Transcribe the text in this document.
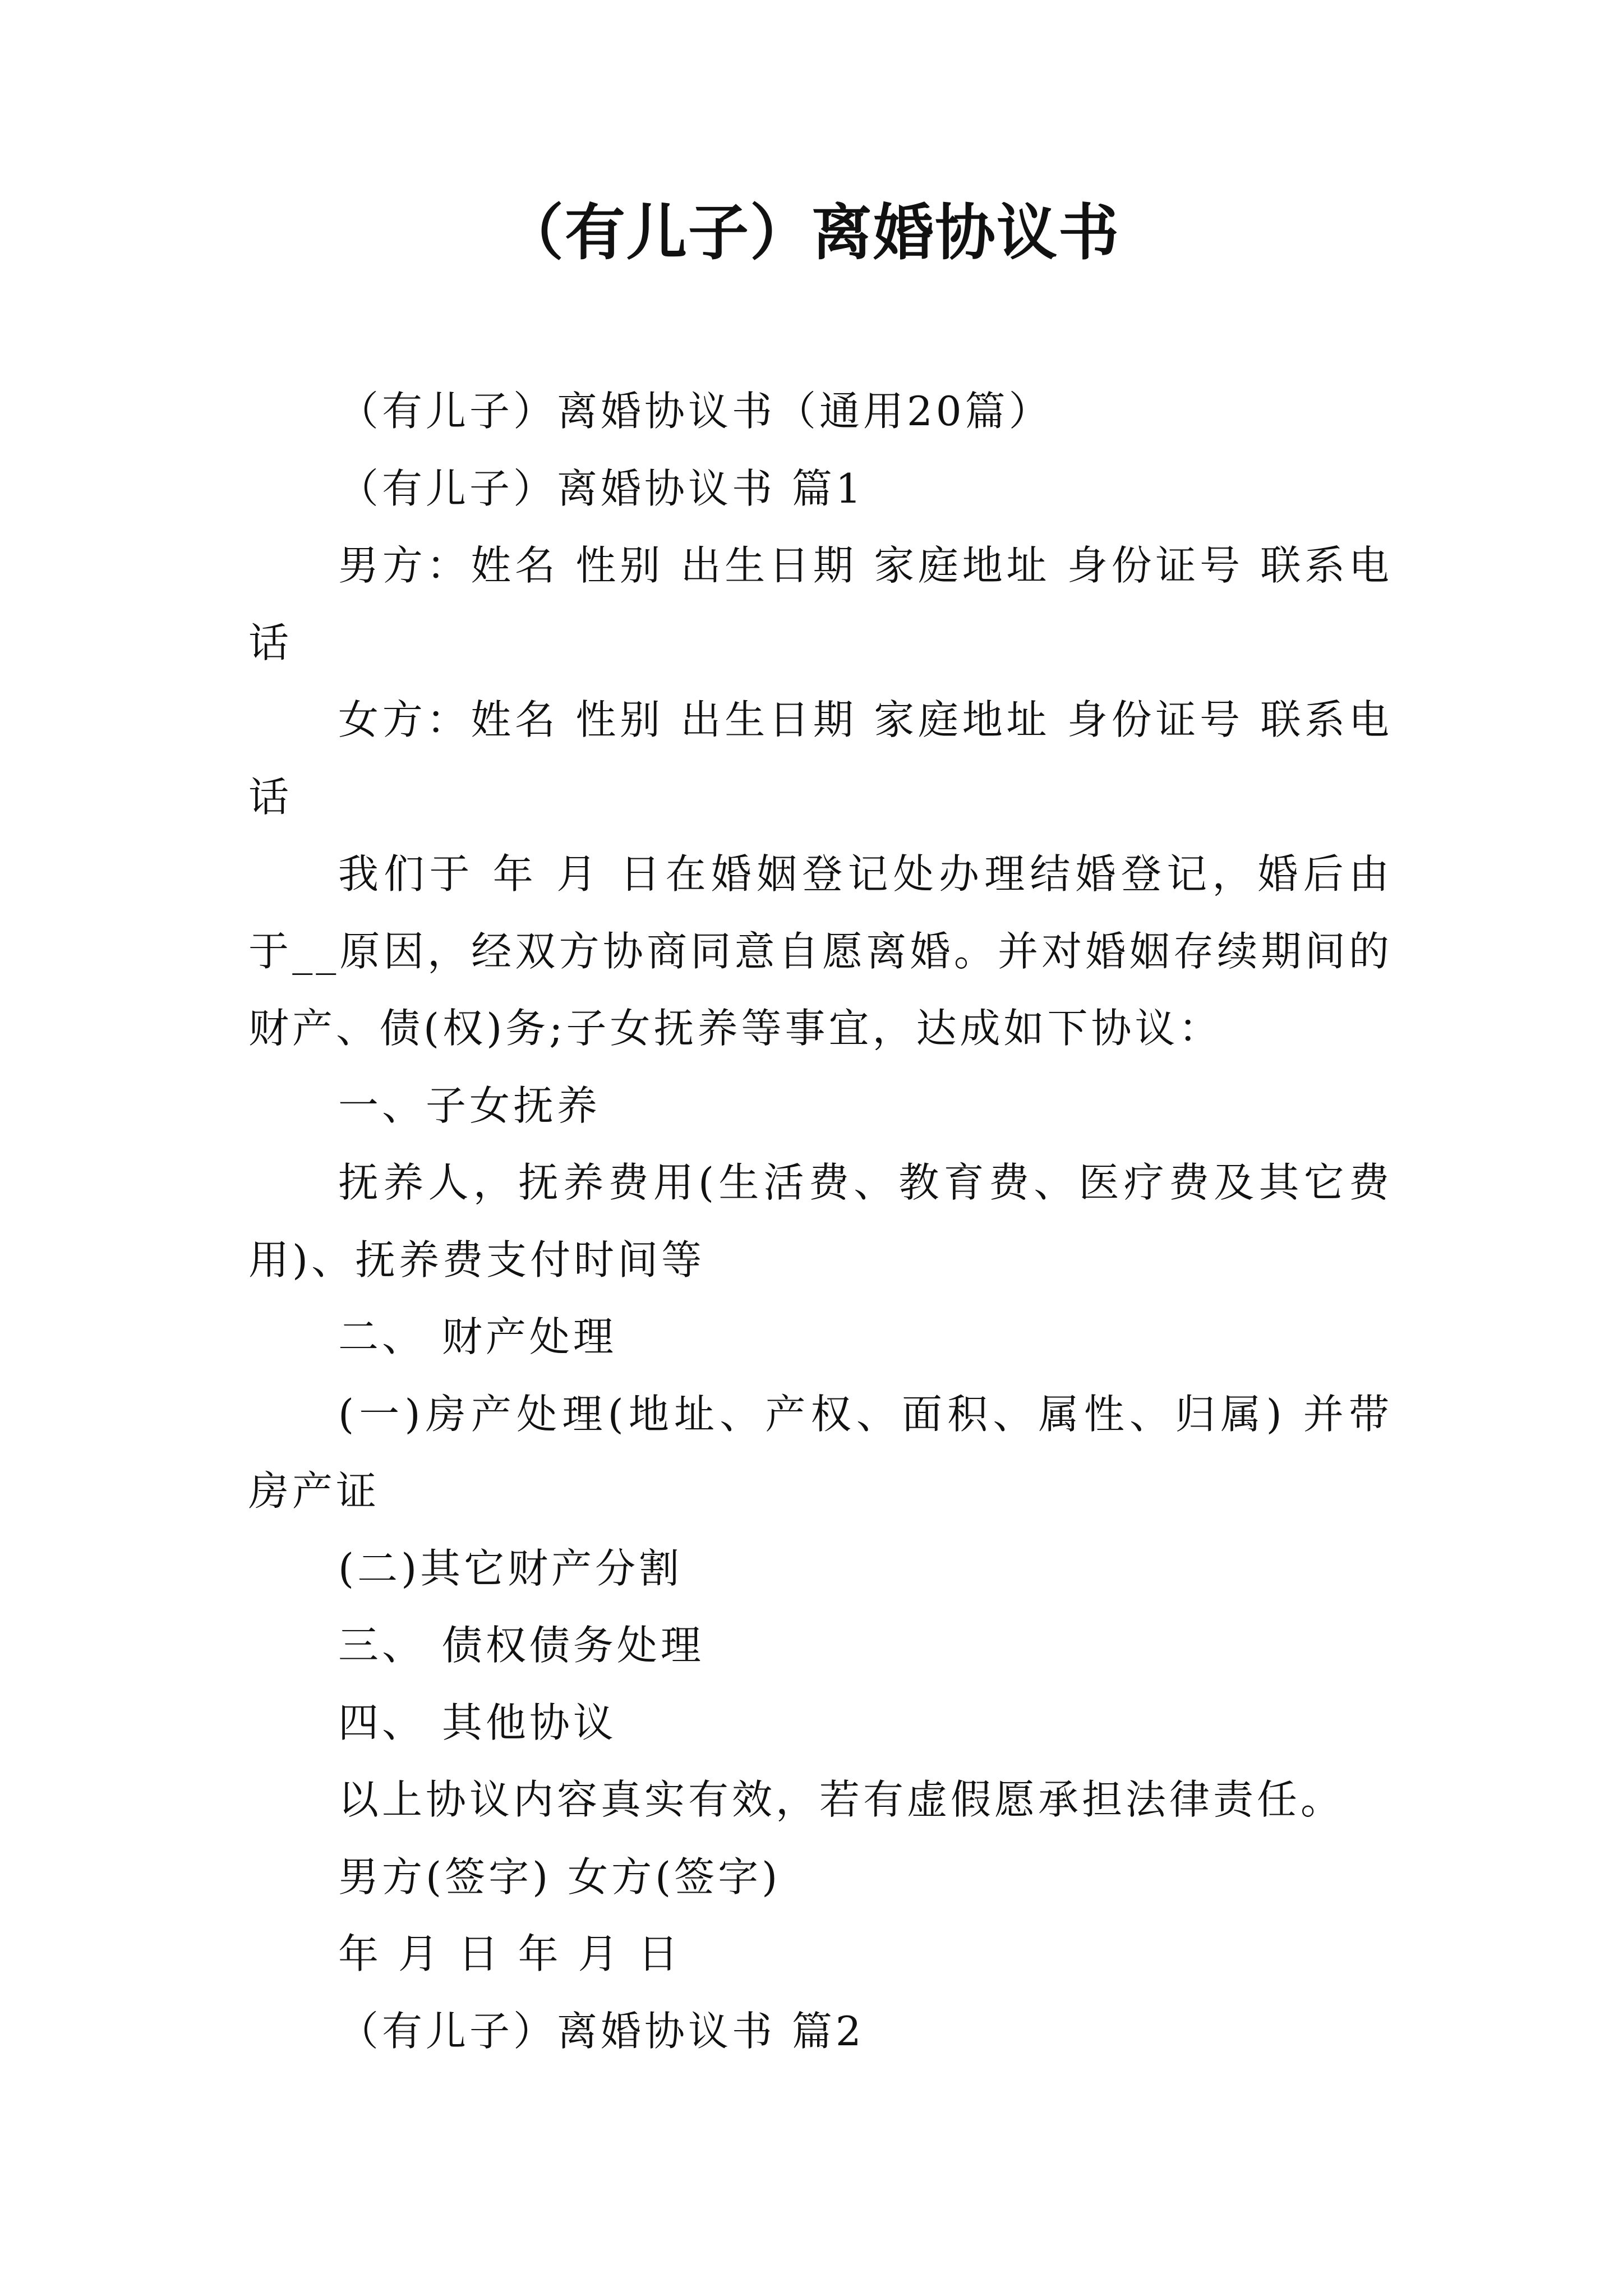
（有儿子）离婚协议书

（有儿子）离婚协议书（通用20篇）

（有儿子）离婚协议书 篇1

男方：姓名 性别 出生日期 家庭地址 身份证号 联系电话

女方：姓名 性别 出生日期 家庭地址 身份证号 联系电话

我们于 年 月 日在婚姻登记处办理结婚登记，婚后由于__原因，经双方协商同意自愿离婚。并对婚姻存续期间的财产、债(权)务;子女抚养等事宜，达成如下协议：

一、子女抚养

抚养人，抚养费用(生活费、教育费、医疗费及其它费用)、抚养费支付时间等

二、 财产处理

(一)房产处理(地址、产权、面积、属性、归属) 并带房产证

(二)其它财产分割

三、 债权债务处理

四、 其他协议

以上协议内容真实有效，若有虚假愿承担法律责任。

男方(签字) 女方(签字)

年 月 日 年 月 日

（有儿子）离婚协议书 篇2
